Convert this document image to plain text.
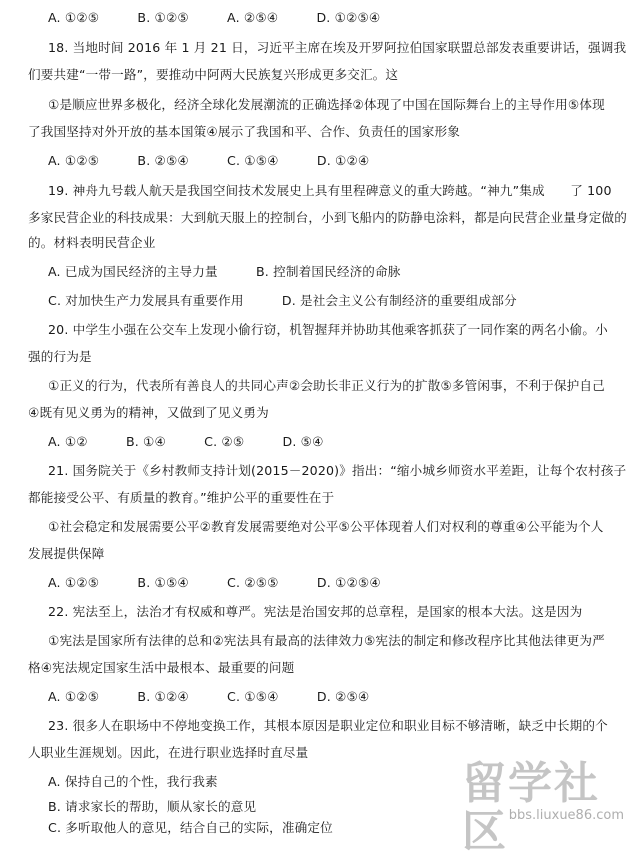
A. ①②⑤　　　B. ①②⑤　　　A. ②⑤④　　　D. ①②⑤④
18. 当地时间 2016 年 1 月 21 日，习近平主席在埃及开罗阿拉伯国家联盟总部发表重要讲话，强调我
们要共建“一带一路”，要推动中阿两大民族复兴形成更多交汇。这
①是顺应世界多极化，经济全球化发展潮流的正确选择②体现了中国在国际舞台上的主导作用⑤体现
了我国坚持对外开放的基本国策④展示了我国和平、合作、负责任的国家形象
A. ①②⑤　　　B. ②⑤④　　　C. ①⑤④　　　D. ①②④
19. 神舟九号载人航天是我国空间技术发展史上具有里程碑意义的重大跨越。“神九”集成　　了 100
多家民营企业的科技成果：大到航天服上的控制台，小到飞船内的防静电涂料，都是向民营企业量身定做的
的。材料表明民营企业
A. 已成为国民经济的主导力量　　　B. 控制着国民经济的命脉
C. 对加快生产力发展具有重要作用　　　D. 是社会主义公有制经济的重要组成部分
20. 中学生小强在公交车上发现小偷行窃，机智握拜并协助其他乘客抓获了一同作案的两名小偷。小
强的行为是
①正义的行为，代表所有善良人的共同心声②会助长非正义行为的扩散⑤多管闲事，不利于保护自己
④既有见义勇为的精神，又做到了见义勇为
A. ①②　　　B. ①④　　　C. ②⑤　　　D. ⑤④
21. 国务院关于《乡村教师支持计划(2015－2020)》指出：“缩小城乡师资水平差距，让每个农村孩子
都能接受公平、有质量的教育。”维护公平的重要性在于
①社会稳定和发展需要公平②教育发展需要绝对公平⑤公平体现着人们对权利的尊重④公平能为个人
发展提供保障
A. ①②⑤　　　B. ①⑤④　　　C. ②⑤⑤　　　D. ①②⑤④
22. 宪法至上，法治才有权威和尊严。宪法是治国安邦的总章程，是国家的根本大法。这是因为
①宪法是国家所有法律的总和②宪法具有最高的法律效力⑤宪法的制定和修改程序比其他法律更为严
格④宪法规定国家生活中最根本、最重要的问题
A. ①②⑤　　　B. ①②④　　　C. ①⑤④　　　D. ②⑤④
23. 很多人在职场中不停地变换工作，其根本原因是职业定位和职业目标不够清晰，缺乏中长期的个
人职业生涯规划。因此，在进行职业选择时直尽量
A. 保持自己的个性，我行我素
B. 请求家长的帮助，顺从家长的意见
C. 多听取他人的意见，结合自己的实际，准确定位
留学社区 bbs.liuxue86.com
